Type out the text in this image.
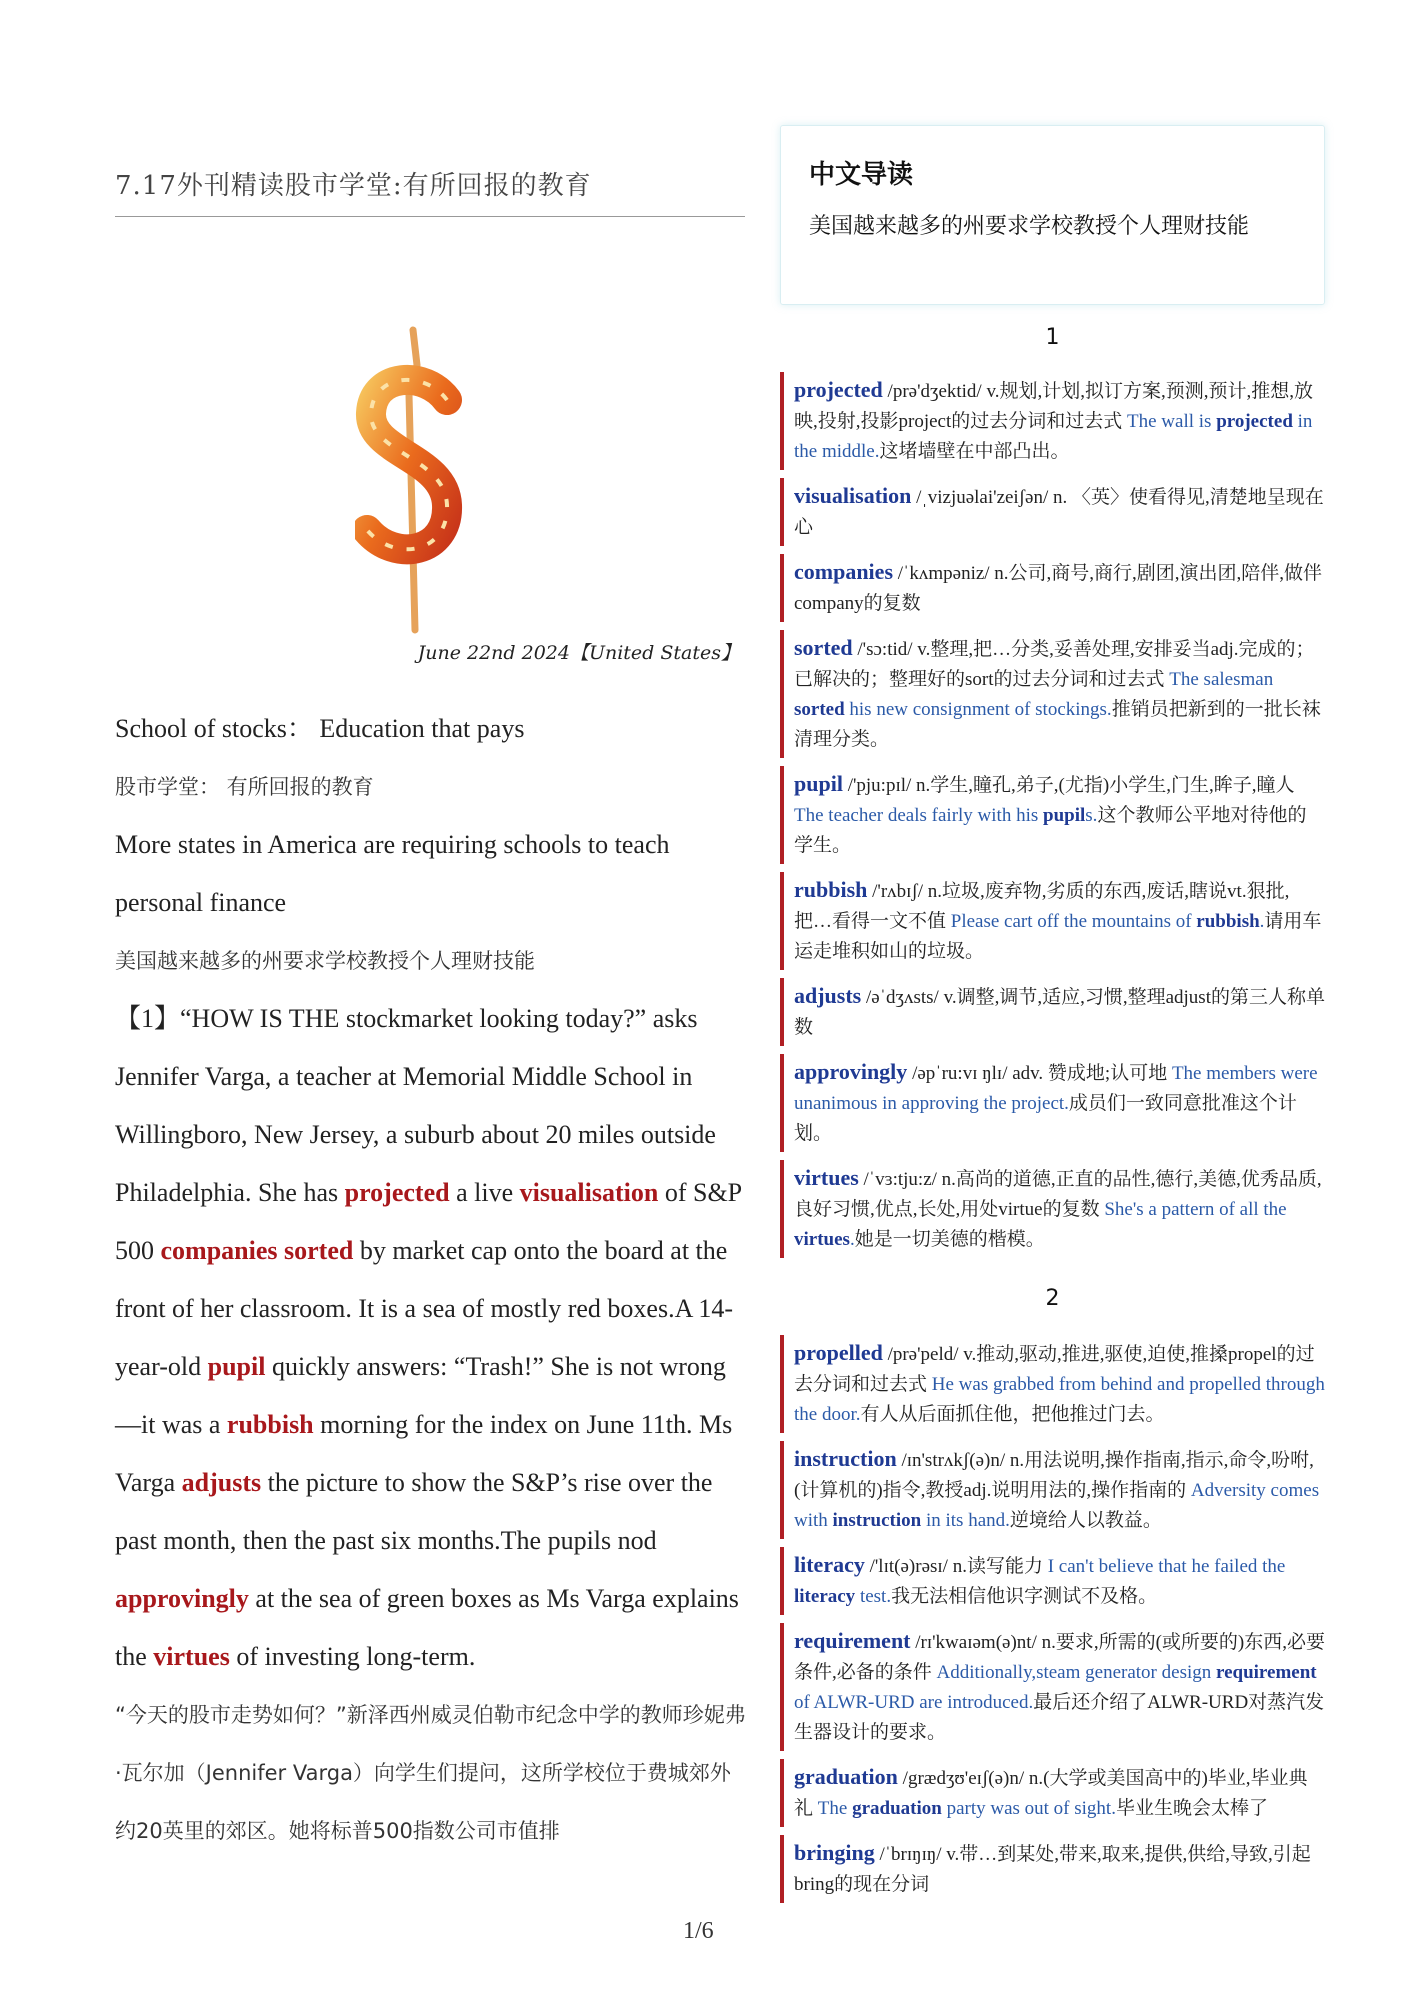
7.17外刊精读股市学堂:有所回报的教育
June 22nd 2024【United States】

School of stocks： Education that pays

股市学堂： 有所回报的教育

More states in America are requiring schools to teach personal finance

美国越来越多的州要求学校教授个人理财技能

【1】“HOW IS THE stockmarket looking today?” asks Jennifer Varga, a teacher at Memorial Middle School in Willingboro, New Jersey, a suburb about 20 miles outside Philadelphia. She has projected a live visualisation of S&P 500 companies sorted by market cap onto the board at the front of her classroom. It is a sea of mostly red boxes.A 14-year-old pupil quickly answers: “Trash!” She is not wrong—it was a rubbish morning for the index on June 11th. Ms Varga adjusts the picture to show the S&P’s rise over the past month, then the past six months.The pupils nod approvingly at the sea of green boxes as Ms Varga explains the virtues of investing long-term.

“今天的股市走势如何？”新泽西州威灵伯勒市纪念中学的教师珍妮弗·瓦尔加（Jennifer Varga）向学生们提问，这所学校位于费城郊外约20英里的郊区。她将标普500指数公司市值排

中文导读

美国越来越多的州要求学校教授个人理财技能

1

projected /prə'dʒektid/ v.规划,计划,拟订方案,预测,预计,推想,放映,投射,投影project的过去分词和过去式 The wall is projected in the middle.这堵墙壁在中部凸出。
visualisation /ˌvizjuəlai'zeiʃən/ n. 〈英〉使看得见,清楚地呈现在心
companies /ˈkʌmpəniz/ n.公司,商号,商行,剧团,演出团,陪伴,做伴company的复数
sorted /'sɔ:tid/ v.整理,把…分类,妥善处理,安排妥当adj.完成的；已解决的；整理好的sort的过去分词和过去式 The salesman sorted his new consignment of stockings.推销员把新到的一批长袜清理分类。
pupil /'pju:pɪl/ n.学生,瞳孔,弟子,(尤指)小学生,门生,眸子,瞳人 The teacher deals fairly with his pupils.这个教师公平地对待他的学生。
rubbish /'rʌbɪʃ/ n.垃圾,废弃物,劣质的东西,废话,瞎说vt.狠批,把…看得一文不值 Please cart off the mountains of rubbish.请用车运走堆积如山的垃圾。
adjusts /əˈdʒʌsts/ v.调整,调节,适应,习惯,整理adjust的第三人称单数
approvingly /əpˈru:vɪ ŋlɪ/ adv. 赞成地;认可地 The members were unanimous in approving the project.成员们一致同意批准这个计划。
virtues /ˈvɜ:tju:z/ n.高尚的道德,正直的品性,德行,美德,优秀品质,良好习惯,优点,长处,用处virtue的复数 She's a pattern of all the virtues.她是一切美德的楷模。

2

propelled /prə'peld/ v.推动,驱动,推进,驱使,迫使,推搡propel的过去分词和过去式 He was grabbed from behind and propelled through the door.有人从后面抓住他，把他推过门去。
instruction /ɪn'strʌkʃ(ə)n/ n.用法说明,操作指南,指示,命令,吩咐,(计算机的)指令,教授adj.说明用法的,操作指南的 Adversity comes with instruction in its hand.逆境给人以教益。
literacy /'lɪt(ə)rəsɪ/ n.读写能力 I can't believe that he failed the literacy test.我无法相信他识字测试不及格。
requirement /rɪ'kwaɪəm(ə)nt/ n.要求,所需的(或所要的)东西,必要条件,必备的条件 Additionally,steam generator design requirement of ALWR-URD are introduced.最后还介绍了ALWR-URD对蒸汽发生器设计的要求。
graduation /grædʒʊ'eɪʃ(ə)n/ n.(大学或美国高中的)毕业,毕业典礼 The graduation party was out of sight.毕业生晚会太棒了
bringing /ˈbrɪŋɪŋ/ v.带…到某处,带来,取来,提供,供给,导致,引起bring的现在分词
1/6
